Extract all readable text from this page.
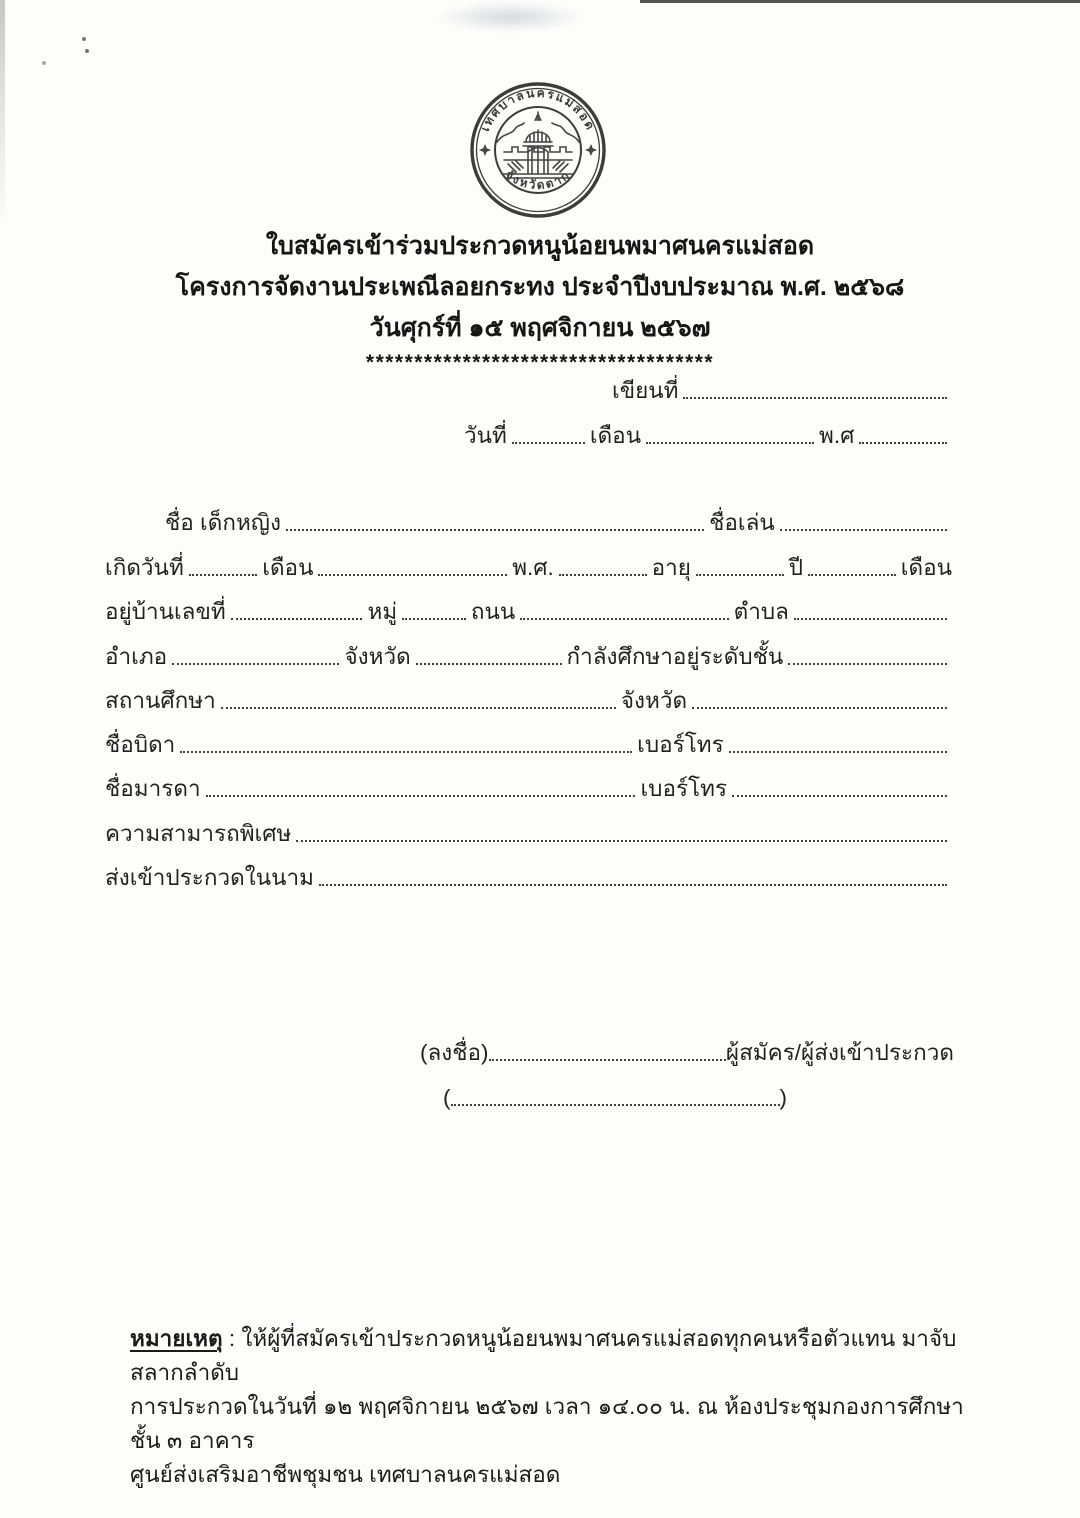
เทศบาลนครแม่สอด
จังหวัดตาก
ใบสมัครเข้าร่วมประกวดหนูน้อยนพมาศนครแม่สอด
โครงการจัดงานประเพณีลอยกระทง ประจำปีงบประมาณ พ.ศ. ๒๕๖๘
วันศุกร์ที่ ๑๕ พฤศจิกายน ๒๕๖๗
************************************
เขียนที่
วันที่	เดือน	พ.ศ
ชื่อ เด็กหญิง	ชื่อเล่น
เกิดวันที่	เดือน	พ.ศ.	อายุ	ปี	เดือน
อยู่บ้านเลขที่	หมู่	ถนน	ตำบล
อำเภอ	จังหวัด	กำลังศึกษาอยู่ระดับชั้น
สถานศึกษา	จังหวัด
ชื่อบิดา	เบอร์โทร
ชื่อมารดา	เบอร์โทร
ความสามารถพิเศษ
ส่งเข้าประกวดในนาม
(ลงชื่อ)	ผู้สมัคร/ผู้ส่งเข้าประกวด
(	)
หมายเหตุ : ให้ผู้ที่สมัครเข้าประกวดหนูน้อยนพมาศนครแม่สอดทุกคนหรือตัวแทน มาจับสลากลำดับ
การประกวดในวันที่ ๑๒ พฤศจิกายน ๒๕๖๗ เวลา ๑๔.๐๐ น. ณ ห้องประชุมกองการศึกษา ชั้น ๓ อาคาร
ศูนย์ส่งเสริมอาชีพชุมชน เทศบาลนครแม่สอด
